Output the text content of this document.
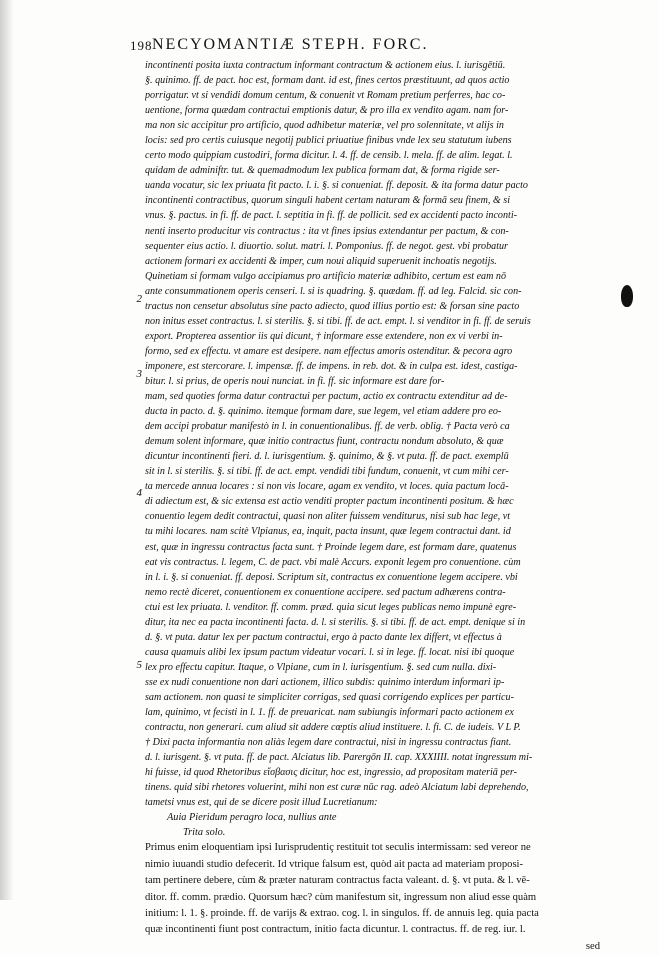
198 NECYOMANTIÆ STEPH. FORC.
incontinenti posita iuxta contractum informant contractum & actionem eius. l. iurisgētiū.
§. quinimo. ff. de pact. hoc est, formam dant. id est, fines certos præstituunt, ad quos actio
porrigatur. vt si vendidi domum centum, & conuenit vt Romam pretium perferres, hac co-
uentione, forma quædam contractui emptionis datur, & pro illa ex vendito agam. nam for-
ma non sic accipitur pro artificio, quod adhibetur materiæ, vel pro solennitate, vt alijs in
locis: sed pro certis cuiusque negotij publici priuatiue finibus vnde lex seu statutum iubens
certo modo quippiam custodiri, forma dicitur. l. 4. ff. de censib. l. mela. ff. de alim. legat. l.
quidam de adminiftr. tut. & quemadmodum lex publica formam dat, & forma rigide ser-
uanda vocatur, sic lex priuata fit pacto. l. i. §. si conueniat. ff. deposit. & ita forma datur pacto
incontinenti contractibus, quorum singuli habent certam naturam & formā seu finem, & si
vnus. §. pactus. in fi. ff. de pact. l. septitia in fi. ff. de pollicit. sed ex accidenti pacto inconti-
nenti inserto producitur vis contractus : ita vt fines ipsius extendantur per pactum, & con-
sequenter eius actio. l. diuortio. solut. matri. l. Pomponius. ff. de negot. gest. vbi probatur
actionem formari ex accidenti & imper, cum noui aliquid superuenit inchoatis negotijs.
Quinetiam si formam vulgo accipiamus pro artificio materiæ adhibito, certum est eam nō
ante consummationem operis censeri. l. si is quadring. §. quædam. ff. ad leg. Falcid. sic con-
tractus non censetur absolutus sine pacto adiecto, quod illius portio est: & forsan sine pacto
non initus esset contractus. l. si sterilis. §. si tibi. ff. de act. empt. l. si venditor in fi. ff. de seruis
export. Propterea assentior iis qui dicunt, † informare esse extendere, non ex vi verbi in-
formo, sed ex effectu. vt amare est desipere. nam effectus amoris ostenditur. & pecora agro
imponere, est stercorare. l. impensæ. ff. de impens. in reb. dot. & in culpa est. idest, castiga-
bitur. l. si prius, de operis noui nunciat. in fi. ff. sic informare est dare for-
mam, sed quoties forma datur contractui per pactum, actio ex contractu extenditur ad de-
ducta in pacto. d. §. quinimo. itemque formam dare, sue legem, vel etiam addere pro eo-
dem accipi probatur manifestò in l. in conuentionalibus. ff. de verb. oblig. † Pacta verò ca
demum solent informare, quæ initio contractus fiunt, contractu nondum absoluto, & quæ
dicuntur incontinenti fieri. d. l. iurisgentium. §. quinimo, & §. vt puta. ff. de pact. exemplū
sit in l. si sterilis. §. si tibi. ff. de act. empt. vendidi tibi fundum, conuenit, vt cum mihi cer-
ta mercede annua locares : si non vis locare, agam ex vendito, vt loces. quia pactum locā-
di adiectum est, & sic extensa est actio venditi propter pactum incontinenti positum. & hæc
conuentio legem dedit contractui, quasi non aliter fuissem venditurus, nisi sub hac lege, vt
tu mihi locares. nam scitè Vlpianus, ea, inquit, pacta insunt, quæ legem contractui dant. id
est, quæ in ingressu contractus facta sunt. † Proinde legem dare, est formam dare, quatenus
eat vis contractus. l. legem, C. de pact. vbi malè Accurs. exponit legem pro conuentione. cùm
in l. i. §. si conueniat. ff. deposi. Scriptum sit, contractus ex conuentione legem accipere. vbi
nemo rectè diceret, conuentionem ex conuentione accipere. sed pactum adhærens contra-
ctui est lex priuata. l. venditor. ff. comm. præd. quia sicut leges publicas nemo impunè egre-
ditur, ita nec ea pacta incontinenti facta. d. l. si sterilis. §. si tibi. ff. de act. empt. denique si in
d. §. vt puta. datur lex per pactum contractui, ergo à pacto dante lex differt, vt effectus à
causa quamuis alibi lex ipsum pactum videatur vocari. l. si in lege. ff. locat. nisi ibi quoque
lex pro effectu capitur. Itaque, o Vlpiane, cum in l. iurisgentium. §. sed cum nulla. dixi-
sse ex nudi conuentione non dari actionem, illico subdis: quinimo interdum informari ip-
sam actionem. non quasi te simpliciter corrigas, sed quasi corrigendo explices per particu-
lam, quinimo, vt fecisti in l. 1. ff. de preuaricat. nam subiungis informari pacto actionem ex
contractu, non generari. cum aliud sit addere cœptis aliud instituere. l. fi. C. de iudeis. V L P.
† Dixi pacta informantia non aliàs legem dare contractui, nisi in ingressu contractus fiant.
d. l. iurisgent. §. vt puta. ff. de pact. Alciatus lib. Parergōn II. cap. XXXIIII. notat ingressum mi-
hi fuisse, id quod Rhetoribus εἴσβασις dicitur, hoc est, ingressio, ad propositam materiā per-
tinens. quid sibi rhetores voluerint, mihi non est curæ nūc rag. adeò Alciatum labi deprehendo,
tametsi vnus est, qui de se dicere posit illud Lucretianum:
Auia Pieridum peragro loca, nullius ante
Trita solo.
Primus enim eloquentiam ipsi Iurisprudentiç restituit tot seculis intermissam: sed vereor ne
nimio iuuandi studio defecerit. Id vtrique falsum est, quòd ait pacta ad materiam proposi-
tam pertinere debere, cùm & præter naturam contractus facta valeant. d. §. vt puta. & l. vē-
ditor. ff. comm. prædio. Quorsum hæc? cùm manifestum sit, ingressum non aliud esse quàm
initium: l. 1. §. proinde. ff. de varijs & extrao. cog. l. in singulos. ff. de annuis leg. quia pacta
quæ incontinenti fiunt post contractum, initio facta dicuntur. l. contractus. ff. de reg. iur. l.
sed
2
3
4
5
